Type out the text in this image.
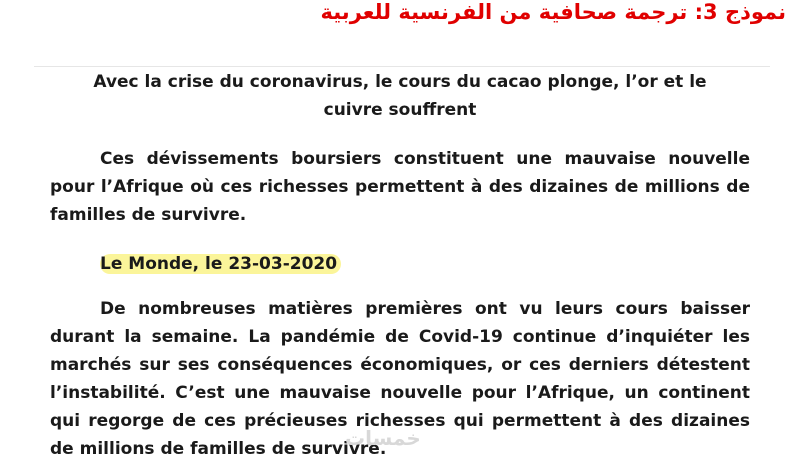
نموذج 3: ترجمة صحافية من الفرنسية للعربية

Avec la crise du coronavirus, le cours du cacao plonge, l’or et le cuivre souffrent

Ces dévissements boursiers constituent une mauvaise nouvelle pour l’Afrique où ces richesses permettent à des dizaines de millions de familles de survivre.

Le Monde, le 23-03-2020

De nombreuses matières premières ont vu leurs cours baisser durant la semaine. La pandémie de Covid-19 continue d’inquiéter les marchés sur ses conséquences économiques, or ces derniers détestent l’instabilité. C’est une mauvaise nouvelle pour l’Afrique, un continent qui regorge de ces précieuses richesses qui permettent à des dizaines de millions de familles de survivre.

خمسات
